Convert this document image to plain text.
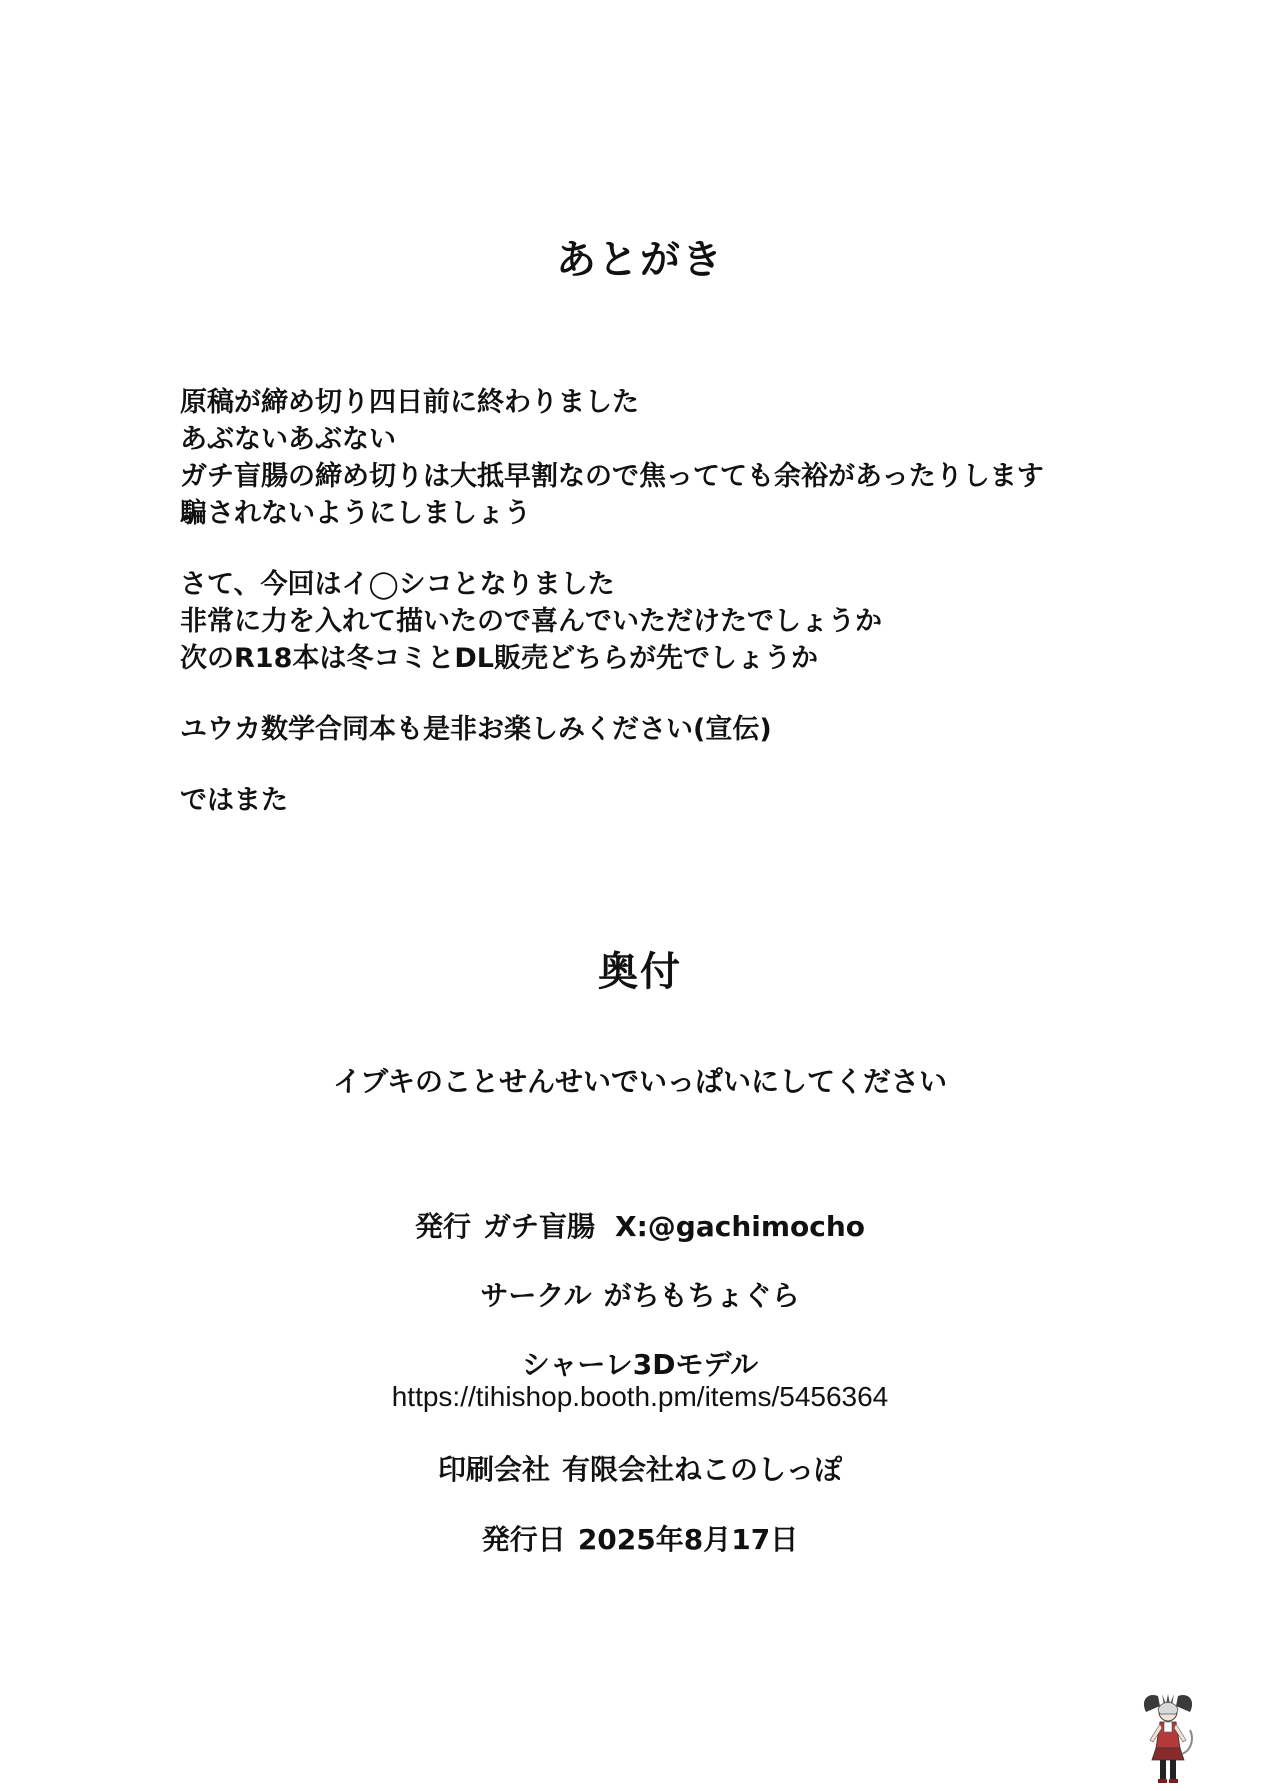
あとがき
原稿が締め切り四日前に終わりました
あぶないあぶない
ガチ盲腸の締め切りは大抵早割なので焦ってても余裕があったりします
騙されないようにしましょう
さて、今回はイ◯シコとなりました
非常に力を入れて描いたので喜んでいただけたでしょうか
次のR18本は冬コミとDL販売どちらが先でしょうか
ユウカ数学合同本も是非お楽しみください(宣伝)
ではまた
奥付
イブキのことせんせいでいっぱいにしてください
発行 ガチ盲腸 X:@gachimocho
サークル がちもちょぐら
シャーレ3Dモデル
https://tihishop.booth.pm/items/5456364
印刷会社 有限会社ねこのしっぽ
発行日 2025年8月17日
